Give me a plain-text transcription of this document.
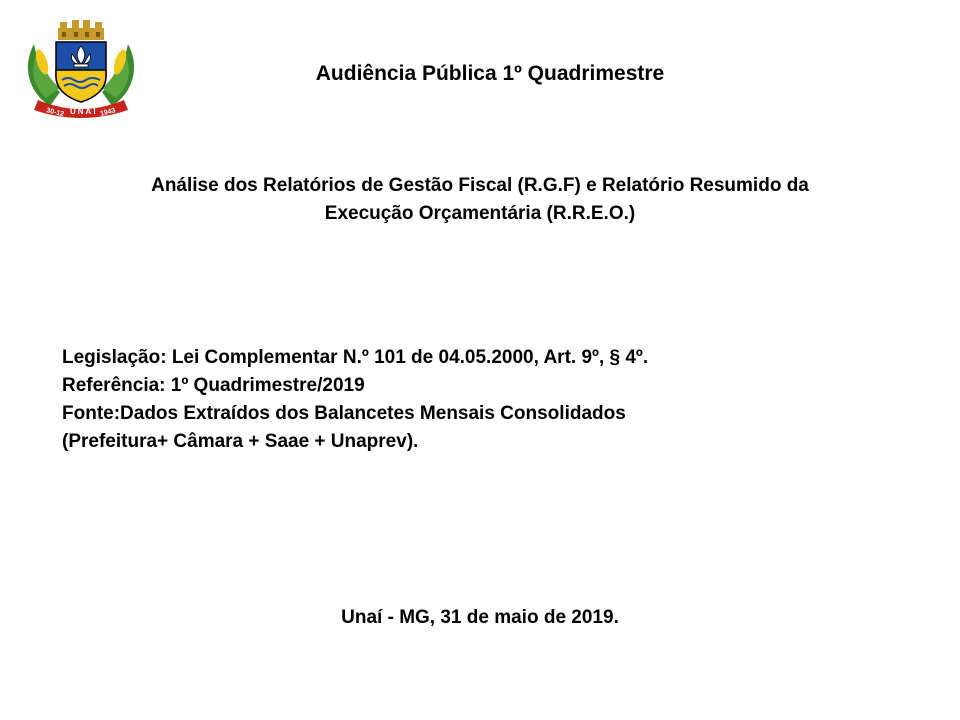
30-12 UNAÍ 1943
Audiência Pública 1º Quadrimestre
Análise dos Relatórios de Gestão Fiscal (R.G.F) e Relatório Resumido da
Execução Orçamentária (R.R.E.O.)
Legislação: Lei Complementar N.º 101 de 04.05.2000, Art. 9º, § 4º.
Referência: 1º Quadrimestre/2019
Fonte:Dados Extraídos dos Balancetes Mensais Consolidados
(Prefeitura+ Câmara + Saae + Unaprev).
Unaí - MG, 31 de maio de 2019.
